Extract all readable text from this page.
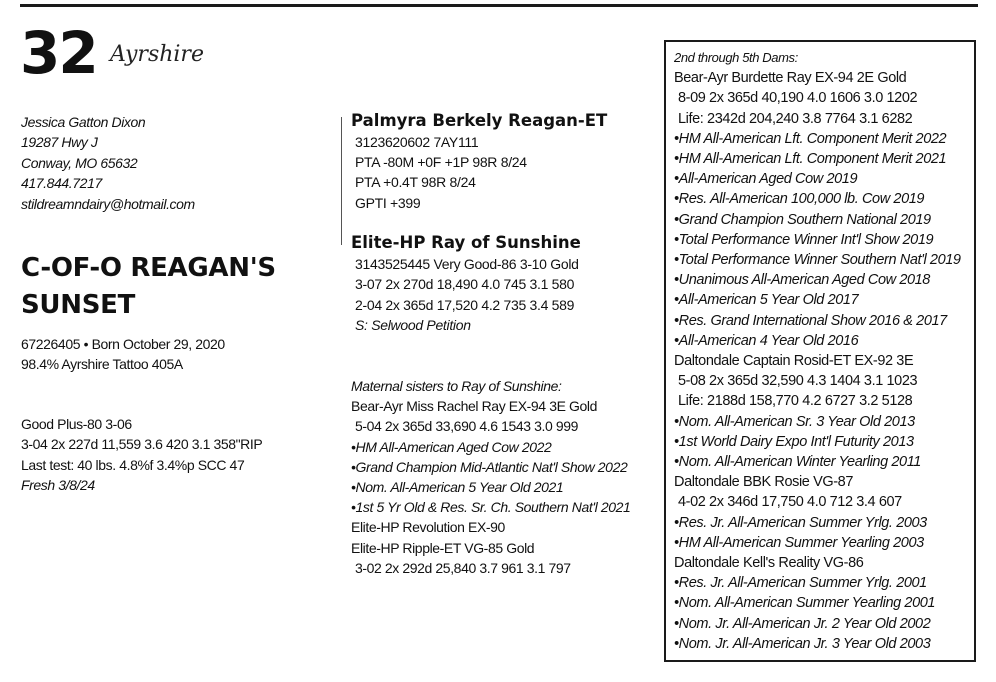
32 Ayrshire
Jessica Gatton Dixon
19287 Hwy J
Conway, MO 65632
417.844.7217
stildreamndairy@hotmail.com
C-OF-O REAGAN'S
SUNSET
67226405 • Born October 29, 2020
98.4% Ayrshire Tattoo 405A
Good Plus-80 3-06
3-04 2x 227d 11,559 3.6 420 3.1 358"RIP
Last test: 40 lbs. 4.8%f 3.4%p SCC 47
Fresh 3/8/24
Palmyra Berkely Reagan-ET
3123620602 7AY111
PTA -80M +0F +1P 98R 8/24
PTA +0.4T 98R 8/24
GPTI +399
Elite-HP Ray of Sunshine
3143525445 Very Good-86 3-10 Gold
3-07 2x 270d 18,490 4.0 745 3.1 580
2-04 2x 365d 17,520 4.2 735 3.4 589
S: Selwood Petition
Maternal sisters to Ray of Sunshine:
Bear-Ayr Miss Rachel Ray EX-94 3E Gold
5-04 2x 365d 33,690 4.6 1543 3.0 999
•HM All-American Aged Cow 2022
•Grand Champion Mid-Atlantic Nat'l Show 2022
•Nom. All-American 5 Year Old 2021
•1st 5 Yr Old & Res. Sr. Ch. Southern Nat'l 2021
Elite-HP Revolution EX-90
Elite-HP Ripple-ET VG-85 Gold
3-02 2x 292d 25,840 3.7 961 3.1 797
2nd through 5th Dams:
Bear-Ayr Burdette Ray EX-94 2E Gold
8-09 2x 365d 40,190 4.0 1606 3.0 1202
Life: 2342d 204,240 3.8 7764 3.1 6282
•HM All-American Lft. Component Merit 2022
•HM All-American Lft. Component Merit 2021
•All-American Aged Cow 2019
•Res. All-American 100,000 lb. Cow 2019
•Grand Champion Southern National 2019
•Total Performance Winner Int'l Show 2019
•Total Performance Winner Southern Nat'l 2019
•Unanimous All-American Aged Cow 2018
•All-American 5 Year Old 2017
•Res. Grand International Show 2016 & 2017
•All-American 4 Year Old 2016
Daltondale Captain Rosid-ET EX-92 3E
5-08 2x 365d 32,590 4.3 1404 3.1 1023
Life: 2188d 158,770 4.2 6727 3.2 5128
•Nom. All-American Sr. 3 Year Old 2013
•1st World Dairy Expo Int'l Futurity 2013
•Nom. All-American Winter Yearling 2011
Daltondale BBK Rosie VG-87
4-02 2x 346d 17,750 4.0 712 3.4 607
•Res. Jr. All-American Summer Yrlg. 2003
•HM All-American Summer Yearling 2003
Daltondale Kell's Reality VG-86
•Res. Jr. All-American Summer Yrlg. 2001
•Nom. All-American Summer Yearling 2001
•Nom. Jr. All-American Jr. 2 Year Old 2002
•Nom. Jr. All-American Jr. 3 Year Old 2003
